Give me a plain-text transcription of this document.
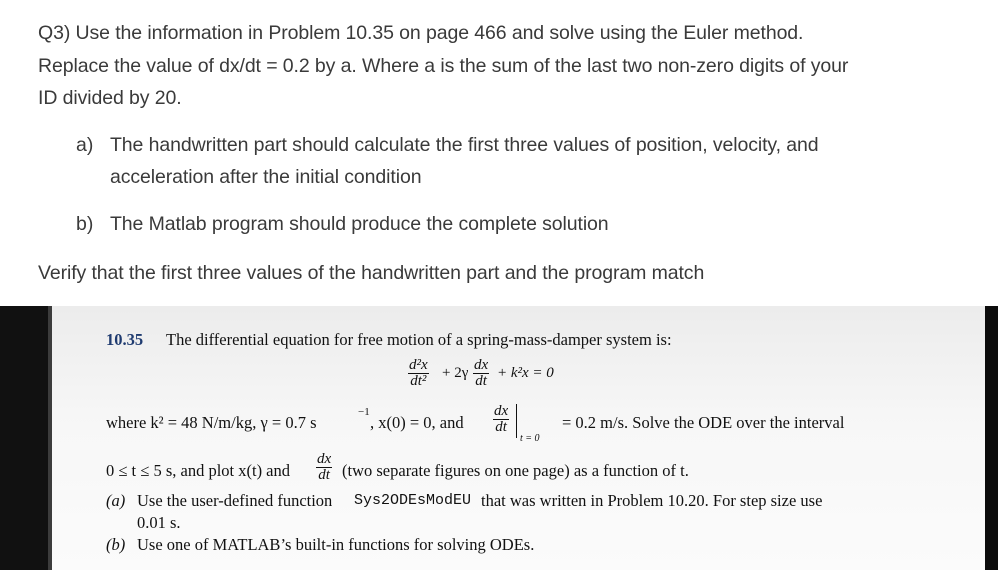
Q3) Use the information in Problem 10.35 on page 466 and solve using the Euler method.
Replace the value of dx/dt = 0.2 by a. Where a is the sum of the last two non-zero digits of your
ID divided by 20.
a) The handwritten part should calculate the first three values of position, velocity, and
acceleration after the initial condition
b) The Matlab program should produce the complete solution
Verify that the first three values of the handwritten part and the program match
10.35 The differential equation for free motion of a spring-mass-damper system is:
$\frac{\text{d²x}}{\text{dt²}} + 2\gamma \frac{dx}{dt} + k^2x = 0$
where k² = 48 N/m/kg, γ = 0.7 s
−1
, x(0) = 0, and $\frac{dx}{dt}$
t = 0
= 0.2 m/s. Solve the ODE over the interval
0 ≤ t ≤ 5 s, and plot x(t) and $\frac{dx}{dt} (two$ separate figures on one page) as a function of t.
(a) Use the user-defined function Sys2ODEsModEU that was written in Problem 10.20. For step size use
0.01 s.
(b) Use one of MATLAB’s built-in functions for solving ODEs.
